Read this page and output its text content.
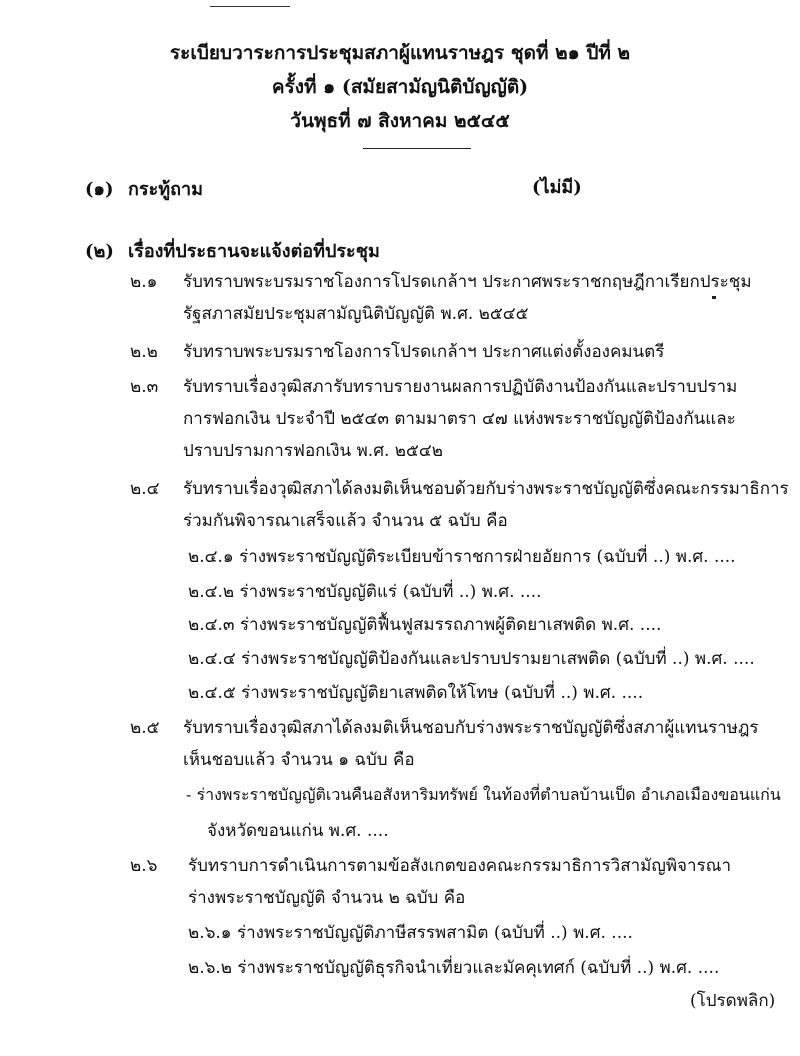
ระเบียบวาระการประชุมสภาผู้แทนราษฎร ชุดที่ ๒๑ ปีที่ ๒
ครั้งที่ ๑ (สมัยสามัญนิติบัญญัติ)
วันพุธที่ ๗ สิงหาคม ๒๕๔๕
(๑) กระทู้ถาม	(ไม่มี)
(๒) เรื่องที่ประธานจะแจ้งต่อที่ประชุม
๒.๑ รับทราบพระบรมราชโองการโปรดเกล้าฯ ประกาศพระราชกฤษฎีกาเรียกประชุม
รัฐสภาสมัยประชุมสามัญนิติบัญญัติ พ.ศ. ๒๕๔๕
๒.๒ รับทราบพระบรมราชโองการโปรดเกล้าฯ ประกาศแต่งตั้งองคมนตรี
๒.๓ รับทราบเรื่องวุฒิสภารับทราบรายงานผลการปฏิบัติงานป้องกันและปราบปราม
การฟอกเงิน ประจำปี ๒๕๔๓ ตามมาตรา ๔๗ แห่งพระราชบัญญัติป้องกันและ
ปราบปรามการฟอกเงิน พ.ศ. ๒๕๔๒
๒.๔ รับทราบเรื่องวุฒิสภาได้ลงมติเห็นชอบด้วยกับร่างพระราชบัญญัติซึ่งคณะกรรมาธิการ
ร่วมกันพิจารณาเสร็จแล้ว จำนวน ๕ ฉบับ คือ
๒.๔.๑ ร่างพระราชบัญญัติระเบียบข้าราชการฝ่ายอัยการ (ฉบับที่ ..) พ.ศ. ....
๒.๔.๒ ร่างพระราชบัญญัติแร่ (ฉบับที่ ..) พ.ศ. ....
๒.๔.๓ ร่างพระราชบัญญัติฟื้นฟูสมรรถภาพผู้ติดยาเสพติด พ.ศ. ....
๒.๔.๔ ร่างพระราชบัญญัติป้องกันและปราบปรามยาเสพติด (ฉบับที่ ..) พ.ศ. ....
๒.๔.๕ ร่างพระราชบัญญัติยาเสพติดให้โทษ (ฉบับที่ ..) พ.ศ. ....
๒.๕ รับทราบเรื่องวุฒิสภาได้ลงมติเห็นชอบกับร่างพระราชบัญญัติซึ่งสภาผู้แทนราษฎร
เห็นชอบแล้ว จำนวน ๑ ฉบับ คือ
- ร่างพระราชบัญญัติเวนคืนอสังหาริมทรัพย์ ในท้องที่ตำบลบ้านเป็ด อำเภอเมืองขอนแก่น
จังหวัดขอนแก่น พ.ศ. ....
๒.๖ รับทราบการดำเนินการตามข้อสังเกตของคณะกรรมาธิการวิสามัญพิจารณา
ร่างพระราชบัญญัติ จำนวน ๒ ฉบับ คือ
๒.๖.๑ ร่างพระราชบัญญัติภาษีสรรพสามิต (ฉบับที่ ..) พ.ศ. ....
๒.๖.๒ ร่างพระราชบัญญัติธุรกิจนำเที่ยวและมัคคุเทศก์ (ฉบับที่ ..) พ.ศ. ....
(โปรดพลิก)
